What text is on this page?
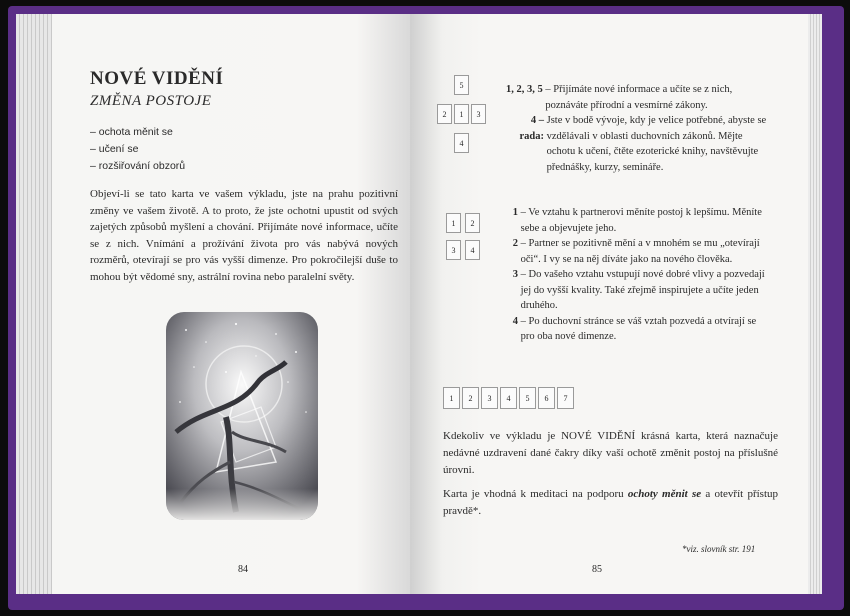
NOVÉ VIDĚNÍ
ZMĚNA POSTOJE
– ochota měnit se
– učení se
– rozšiřování obzorů

Objeví-li se tato karta ve vašem výkladu, jste na prahu pozitivní změny ve vašem životě. A to proto, že jste ochotni upustit od svých zajetých způsobů myšlení a chování. Přijímáte nové informace, učíte se z nich. Vnímání a prožívání života pro vás nabývá nových rozměrů, otevírají se pro vás vyšší dimenze. Pro pokročilejší duše to mohou být vědomé sny, astrální rovina nebo paralelní světy.

84
5
2	1	3
4
1, 2, 3, 5 – Přijímáte nové informace a učíte se z nich, poznáváte přírodní a vesmírné zákony.
4 – rada: Jste v bodě vývoje, kdy je velice potřebné, abyste se vzdělávali v oblasti duchovních zákonů. Mějte ochotu k učení, čtěte ezoterické knihy, navštěvujte přednášky, kurzy, semináře.
1	2
3	4
1 – Ve vztahu k partnerovi měníte postoj k lepšímu. Měníte sebe a objevujete jeho.
2 – Partner se pozitivně mění a v mnohém se mu „otevírají oči“. I vy se na něj díváte jako na nového člověka.
3 – Do vašeho vztahu vstupují nové dobré vlivy a pozvedají jej do vyšší kvality. Také zřejmě inspirujete a učíte jeden druhého.
4 – Po duchovní stránce se váš vztah pozvedá a otvírají se pro oba nové dimenze.
1	2	3	4	5	6	7

Kdekoliv ve výkladu je NOVÉ VIDĚNÍ krásná karta, která naznačuje nedávné uzdravení dané čakry díky vaší ochotě změnit postoj na příslušné úrovni.

Karta je vhodná k meditaci na podporu ochoty měnit se a otevřít přístup pravdě*.

*viz. slovník str. 191
85
